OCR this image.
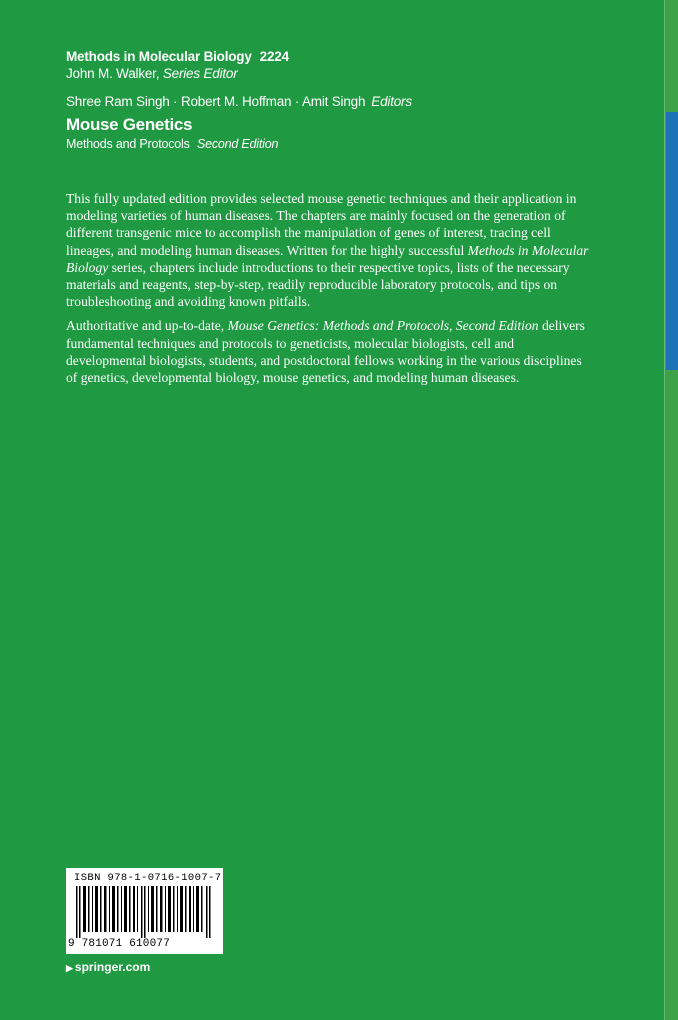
Methods in Molecular Biology 2224
John M. Walker, Series Editor
Shree Ram Singh · Robert M. Hoffman · Amit Singh Editors
Mouse Genetics
Methods and Protocols Second Edition

This fully updated edition provides selected mouse genetic techniques and their application in modeling varieties of human diseases. The chapters are mainly focused on the generation of different transgenic mice to accomplish the manipulation of genes of interest, tracing cell lineages, and modeling human diseases. Written for the highly successful Methods in Molecular Biology series, chapters include introductions to their respective topics, lists of the necessary materials and reagents, step-by-step, readily reproducible laboratory protocols, and tips on troubleshooting and avoiding known pitfalls.

Authoritative and up-to-date, Mouse Genetics: Methods and Protocols, Second Edition delivers fundamental techniques and protocols to geneticists, molecular biologists, cell and developmental biologists, students, and postdoctoral fellows working in the various disciplines of genetics, developmental biology, mouse genetics, and modeling human diseases.

ISBN 978-1-0716-1007-7
9 781071 610077
▶ springer.com
